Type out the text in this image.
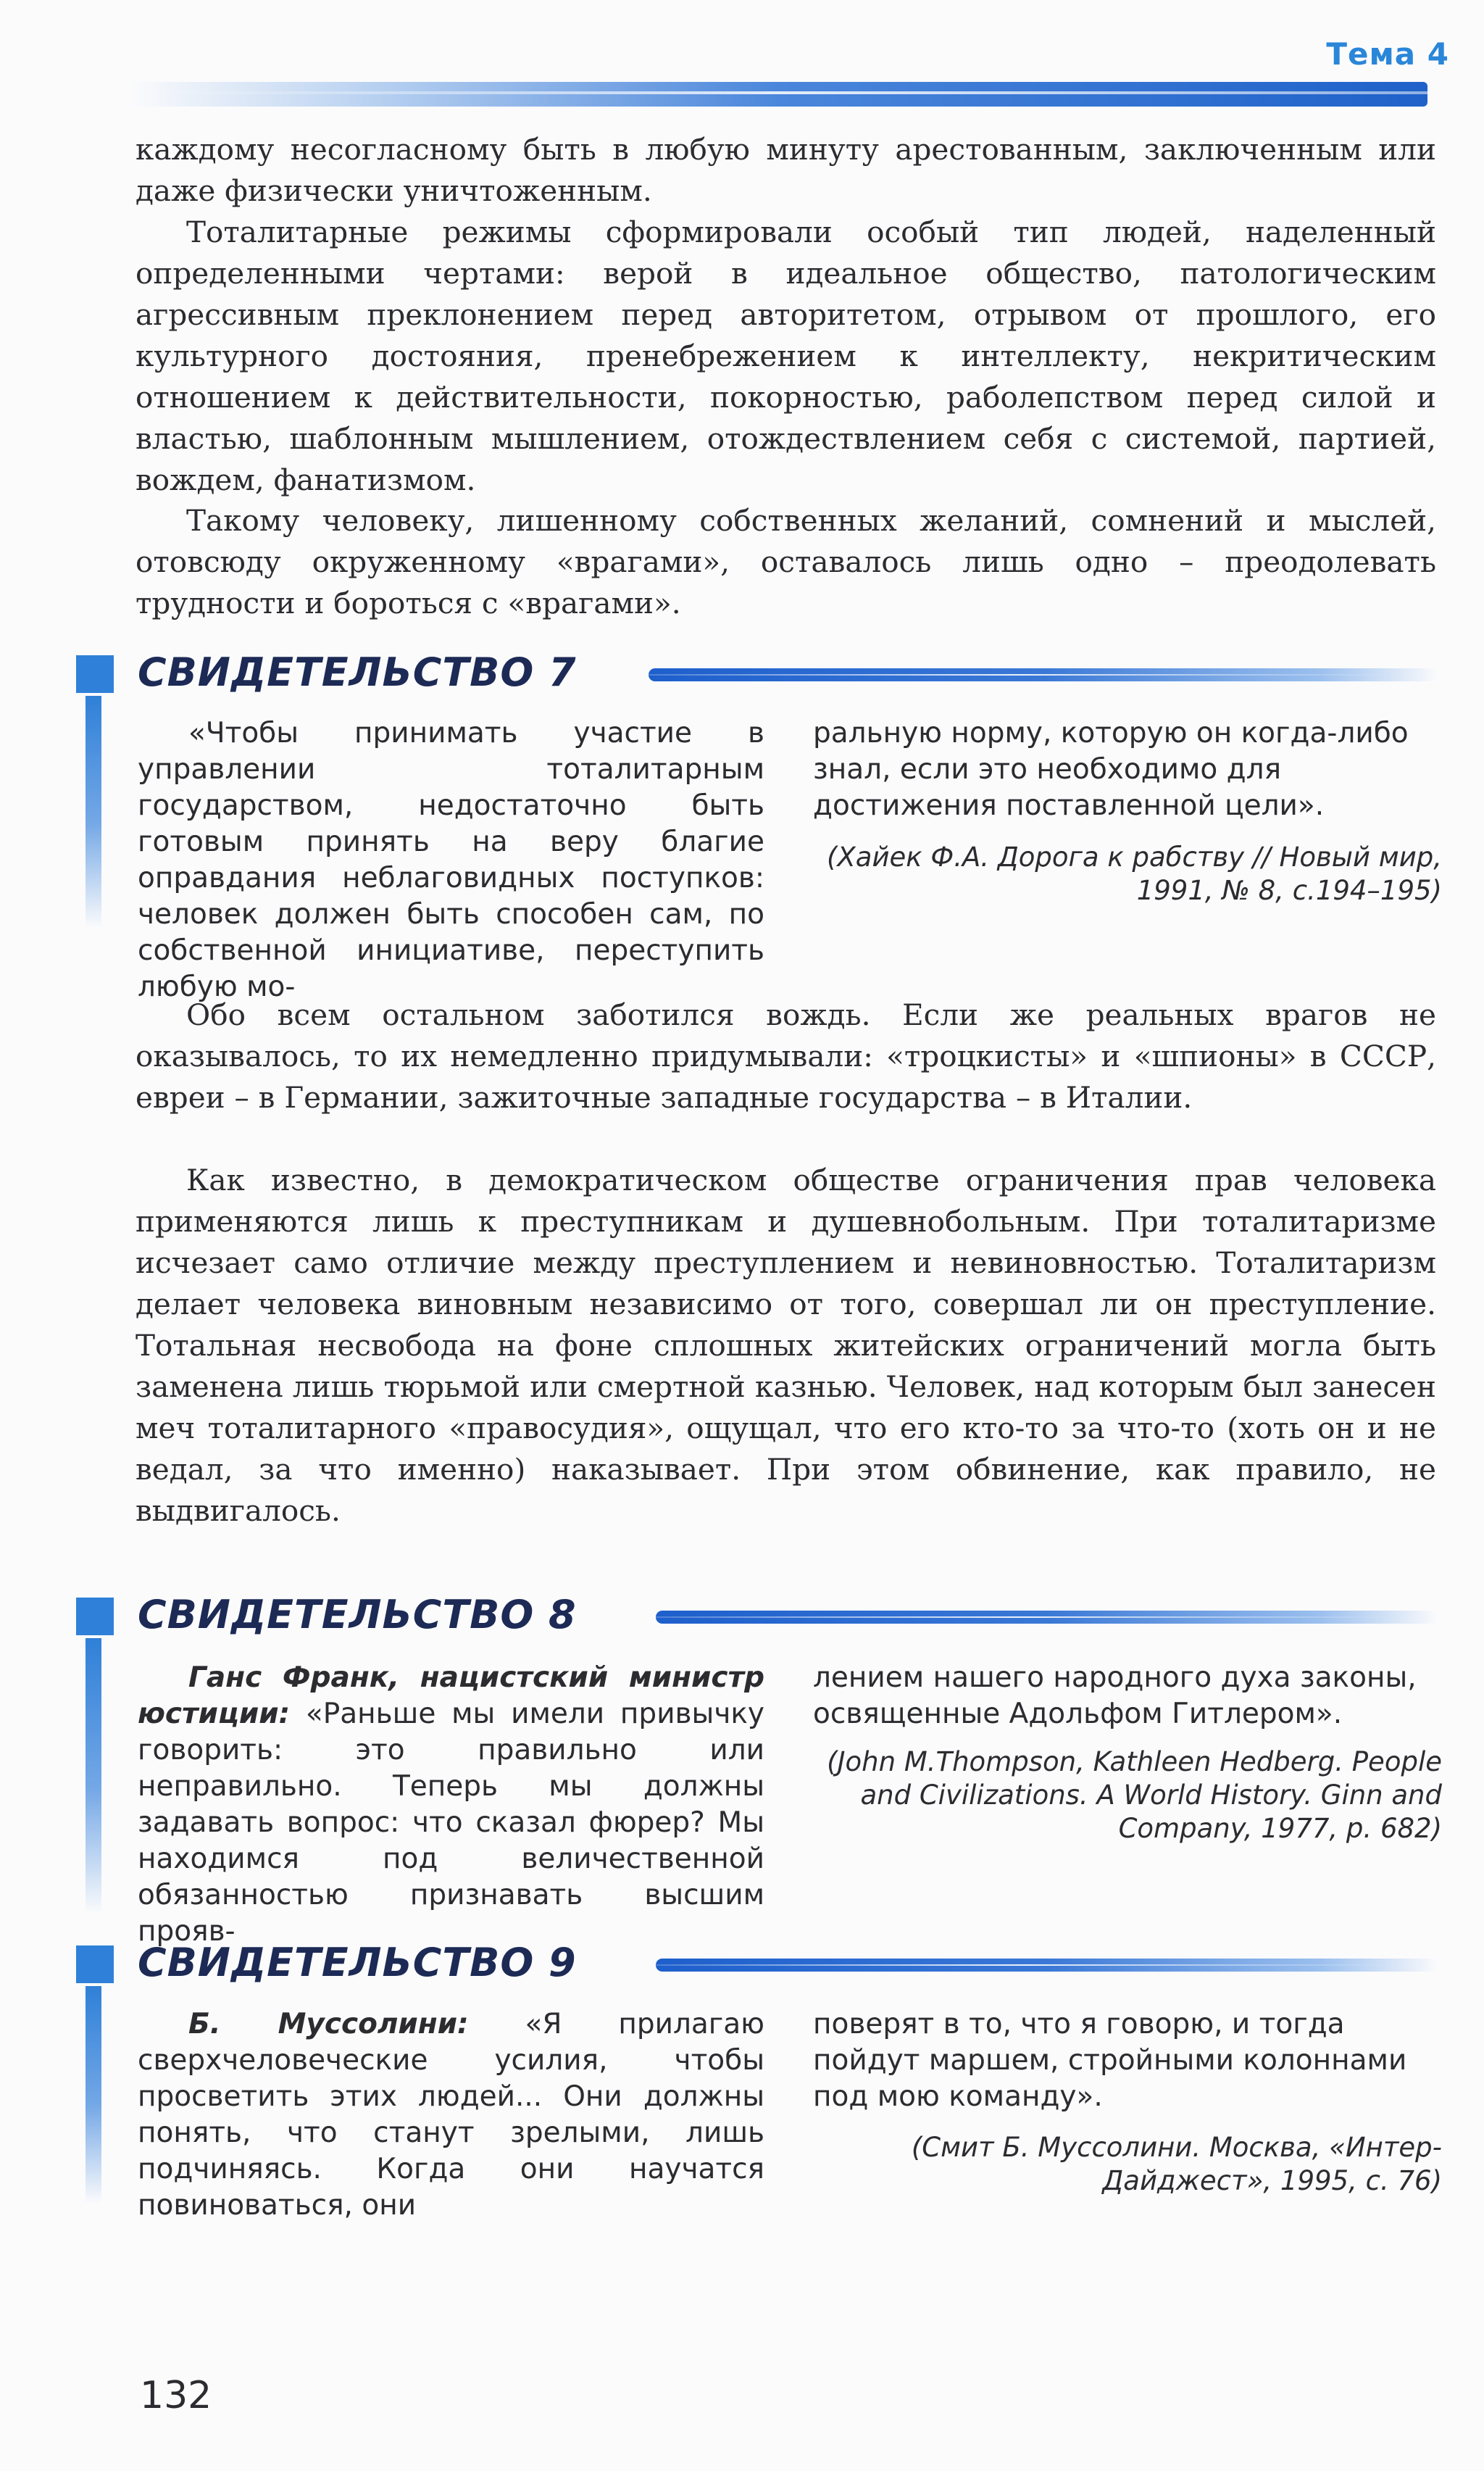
Тема 4

каждому несогласному быть в любую минуту арестованным, заключенным или даже физически уничтоженным.

Тоталитарные режимы сформировали особый тип людей, наделенный определенными чертами: верой в идеальное общество, патологическим агрессивным преклонением перед авторитетом, отрывом от прошлого, его культурного достояния, пренебрежением к интеллекту, некритическим отношением к действительности, покорностью, раболепством перед силой и властью, шаблонным мышлением, отождествлением себя с системой, партией, вождем, фанатизмом.

Такому человеку, лишенному собственных желаний, сомнений и мыслей, отовсюду окруженному «врагами», оставалось лишь одно – преодолевать трудности и бороться с «врагами».

СВИДЕТЕЛЬСТВО 7

«Чтобы принимать участие в управлении тоталитарным государством, недостаточно быть готовым принять на веру благие оправдания неблаговидных поступков: человек должен быть способен сам, по собственной инициативе, переступить любую мо-

ральную норму, которую он когда-либо знал, если это необходимо для достижения поставленной цели».

(Хайек Ф.А. Дорога к рабству // Новый мир, 1991, № 8, с.194–195)

Обо всем остальном заботился вождь. Если же реальных врагов не оказывалось, то их немедленно придумывали: «троцкисты» и «шпионы» в СССР, евреи – в Германии, зажиточные западные государства – в Италии.

Как известно, в демократическом обществе ограничения прав человека применяются лишь к преступникам и душевнобольным. При тоталитаризме исчезает само отличие между преступлением и невиновностью. Тоталитаризм делает человека виновным независимо от того, совершал ли он преступление. Тотальная несвобода на фоне сплошных житейских ограничений могла быть заменена лишь тюрьмой или смертной казнью. Человек, над которым был занесен меч тоталитарного «правосудия», ощущал, что его кто-то за что-то (хоть он и не ведал, за что именно) наказывает. При этом обвинение, как правило, не выдвигалось.

СВИДЕТЕЛЬСТВО 8

Ганс Франк, нацистский министр юстиции: «Раньше мы имели привычку говорить: это правильно или неправильно. Теперь мы должны задавать вопрос: что сказал фюрер? Мы находимся под величественной обязанностью признавать высшим прояв-

лением нашего народного духа законы, освященные Адольфом Гитлером».

(John M.Thompson, Kathleen Hedberg. People and Civilizations. A World History. Ginn and Company, 1977, p. 682)

СВИДЕТЕЛЬСТВО 9

Б. Муссолини: «Я прилагаю сверхчеловеческие усилия, чтобы просветить этих людей... Они должны понять, что станут зрелыми, лишь подчиняясь. Когда они научатся повиноваться, они

поверят в то, что я говорю, и тогда пойдут маршем, стройными колоннами под мою команду».

(Смит Б. Муссолини. Москва, «Интер-Дайджест», 1995, с. 76)

132
